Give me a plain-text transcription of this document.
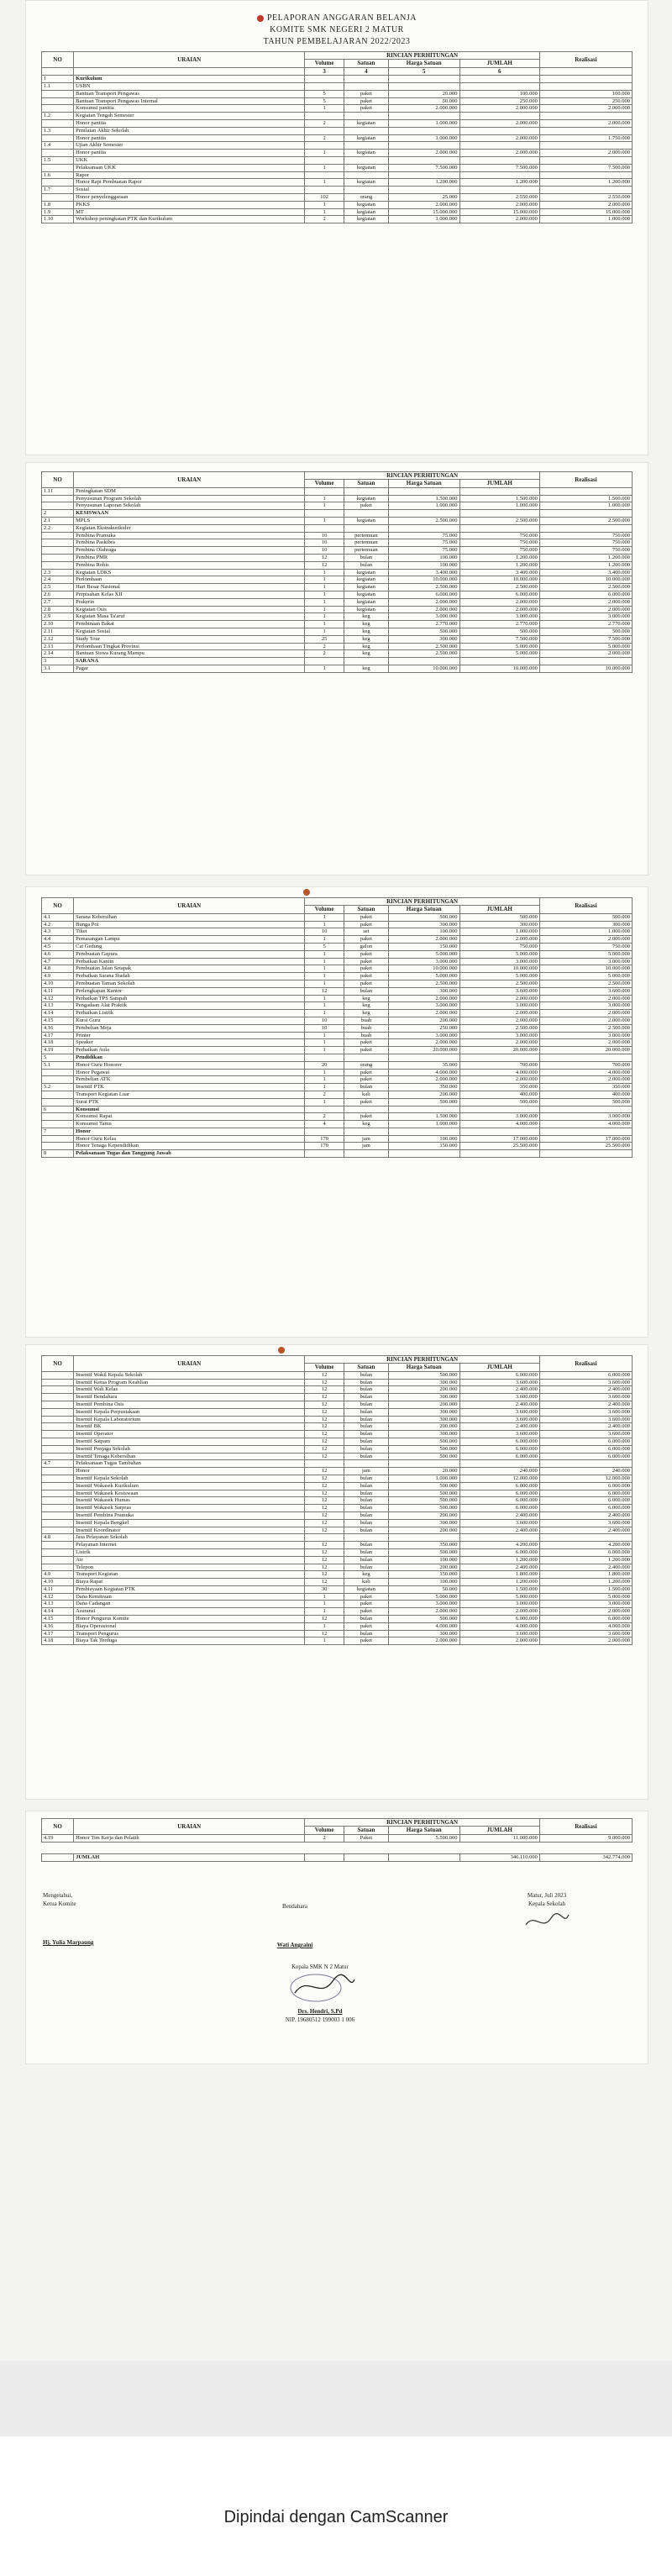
PELAPORAN ANGGARAN BELANJA
KOMITE SMK NEGERI 2 MATUR
TAHUN PEMBELAJARAN 2022/2023
NO	URAIAN	RINCIAN PERHITUNGAN				Realisasi
		Volume	Satuan	Harga Satuan	JUMLAH	
		3	4	5	6	
1	Kurikulum					
1.1	USBN					
	Bantuan Transport Pengawas	5	paket	20.000	100.000	100.000
	Bantuan Transport Pengawas Internal	5	paket	50.000	250.000	250.000
	Konsumsi panitia	1	paket	2.000.000	2.000.000	2.000.000
1.2	Kegiatan Tengah Semester					
	Honor panitia	2	kegiatan	1.000.000	2.000.000	2.000.000
1.3	Penilaian Akhir Sekolah					
	Honor panitia	2	kegiatan	1.000.000	2.000.000	1.750.000
1.4	Ujian Akhir Semester					
	Honor panitia	1	kegiatan	2.000.000	2.000.000	2.000.000
1.5	UKK					
	Pelaksanaan UKK	1	kegiatan	7.500.000	7.500.000	7.500.000
1.6	Rapor					
	Honor Rapi Pembuatan Rapor	1	kegiatan	1.200.000	1.200.000	1.200.000
1.7	Sosial					
	Honor penyelenggaraan	102	orang	25.000	2.550.000	2.550.000
1.8	PKKS	1	kegiatan	2.000.000	2.000.000	2.000.000
1.9	MT	1	kegiatan	15.000.000	15.000.000	15.000.000
1.10	Workshop peningkatan PTK dan Kurikulum	2	kegiatan	1.000.000	2.000.000	1.000.000
NO	URAIAN	RINCIAN PERHITUNGAN				Realisasi
		Volume	Satuan	Harga Satuan	JUMLAH	
1.11	Peningkatan SDM					
	Penyusunan Program Sekolah	1	kegiatan	1.500.000	1.500.000	1.500.000
	Penyusunan Laporan Sekolah	1	paket	1.000.000	1.000.000	1.000.000
2	KESISWAAN					
2.1	MPLS	1	kegiatan	2.500.000	2.500.000	2.500.000
2.2	Kegiatan Ekstrakurikuler					
	Pembina Pramuka	10	pertemuan	75.000	750.000	750.000
	Pembina Paskibra	10	pertemuan	75.000	750.000	750.000
	Pembina Olahraga	10	pertemuan	75.000	750.000	750.000
	Pembina PMR	12	bulan	100.000	1.200.000	1.200.000
	Pembina Rohis	12	bulan	100.000	1.200.000	1.200.000
2.3	Kegiatan LDKS	1	kegiatan	3.400.000	3.400.000	3.400.000
2.4	Perlombaan	1	kegiatan	10.000.000	10.000.000	10.000.000
2.5	Hari Besar Nasional	1	kegiatan	2.500.000	2.500.000	2.500.000
2.6	Perpisahan Kelas XII	1	kegiatan	6.000.000	6.000.000	6.000.000
2.7	Prakerin	1	kegiatan	2.000.000	2.000.000	2.000.000
2.8	Kegiatan Osis	1	kegiatan	2.000.000	2.000.000	2.000.000
2.9	Kegiatan Masa Ta'aruf	1	keg	3.000.000	3.000.000	3.000.000
2.10	Pembinaan Bakat	1	keg	2.770.000	2.770.000	2.770.000
2.11	Kegiatan Sosial	1	keg	500.000	500.000	500.000
2.12	Study Tour	25	keg	300.000	7.500.000	7.500.000
2.13	Perlombaan Tingkat Provinsi	2	keg	2.500.000	5.000.000	5.000.000
2.14	Bantuan Siswa Kurang Mampu	2	keg	2.500.000	5.000.000	2.000.000
3	SARANA					
3.1	Pagar	1	keg	10.000.000	10.000.000	10.000.000
NO	URAIAN	RINCIAN PERHITUNGAN				Realisasi
		Volume	Satuan	Harga Satuan	JUMLAH	
4.1	Sarana Kebersihan	1	paket	500.000	500.000	500.000
4.2	Bunga Pot	1	paket	300.000	300.000	300.000
4.3	Tiket	10	set	100.000	1.000.000	1.000.000
4.4	Pemasangan Lampu	1	paket	2.000.000	2.000.000	2.000.000
4.5	Cat Gedung	5	galon	150.000	750.000	750.000
4.6	Pembuatan Gapura	1	paket	5.000.000	5.000.000	5.000.000
4.7	Perbaikan Kantin	1	paket	3.000.000	3.000.000	3.000.000
4.8	Pembuatan Jalan Setapak	1	paket	10.000.000	10.000.000	10.000.000
4.9	Perbaikan Sarana Ibadah	1	paket	5.000.000	5.000.000	5.000.000
4.10	Pembuatan Taman Sekolah	1	paket	2.500.000	2.500.000	2.500.000
4.11	Perlengkapan Kantor	12	bulan	300.000	3.600.000	3.600.000
4.12	Perbaikan TPS Sampah	1	keg	2.000.000	2.000.000	2.000.000
4.13	Pengadaan Alat Praktik	1	keg	3.000.000	3.000.000	3.000.000
4.14	Perbaikan Listrik	1	keg	2.000.000	2.000.000	2.000.000
4.15	Kursi Guru	10	buah	200.000	2.000.000	2.000.000
4.16	Pembelian Meja	10	buah	250.000	2.500.000	2.500.000
4.17	Printer	1	buah	3.000.000	3.000.000	3.000.000
4.18	Speaker	1	paket	2.000.000	2.000.000	2.000.000
4.19	Perbaikan Aula	1	paket	20.000.000	20.000.000	20.000.000
5	Pendidikan					
5.1	Honor Guru Honorer	20	orang	35.000	700.000	700.000
	Honor Pegawai	1	paket	4.000.000	4.000.000	4.000.000
	Pembelian ATK	1	paket	2.000.000	2.000.000	2.000.000
5.2	Insentif PTK	1	bulan	350.000	350.000	350.000
	Transport Kegiatan Luar	2	kali	200.000	400.000	400.000
	Surat PTK	1	paket	500.000	500.000	500.000
6	Konsumsi					
	Konsumsi Rapat	2	paket	1.500.000	3.000.000	3.000.000
	Konsumsi Tamu	4	keg	1.000.000	4.000.000	4.000.000
7	Honor					
	Honor Guru Kelas	170	jam	100.000	17.000.000	17.000.000
	Honor Tenaga Kependidikan	170	jam	150.000	25.500.000	25.500.000
8	Pelaksanaan Tugas dan Tanggung Jawab					
NO	URAIAN	RINCIAN PERHITUNGAN				Realisasi
		Volume	Satuan	Harga Satuan	JUMLAH	
	Insentif Wakil Kepala Sekolah	12	bulan	500.000	6.000.000	6.000.000
	Insentif Ketua Program Keahlian	12	bulan	300.000	3.600.000	3.600.000
	Insentif Wali Kelas	12	bulan	200.000	2.400.000	2.400.000
	Insentif Bendahara	12	bulan	300.000	3.600.000	3.600.000
	Insentif Pembina Osis	12	bulan	200.000	2.400.000	2.400.000
	Insentif Kepala Perpustakaan	12	bulan	300.000	3.600.000	3.600.000
	Insentif Kepala Laboratorium	12	bulan	300.000	3.600.000	3.600.000
	Insentif BK	12	bulan	200.000	2.400.000	2.400.000
	Insentif Operator	12	bulan	300.000	3.600.000	3.600.000
	Insentif Satpam	12	bulan	500.000	6.000.000	6.000.000
	Insentif Penjaga Sekolah	12	bulan	500.000	6.000.000	6.000.000
	Insentif Tenaga Kebersihan	12	bulan	500.000	6.000.000	6.000.000
4.7	Pelaksanaan Tugas Tambahan					
	Honor	12	jam	20.000	240.000	240.000
	Insentif Kepala Sekolah	12	bulan	1.000.000	12.000.000	12.000.000
	Insentif Wakasek Kurikulum	12	bulan	500.000	6.000.000	6.000.000
	Insentif Wakasek Kesiswaan	12	bulan	500.000	6.000.000	6.000.000
	Insentif Wakasek Humas	12	bulan	500.000	6.000.000	6.000.000
	Insentif Wakasek Sarpras	12	bulan	500.000	6.000.000	6.000.000
	Insentif Pembina Pramuka	12	bulan	200.000	2.400.000	2.400.000
	Insentif Kepala Bengkel	12	bulan	300.000	3.600.000	3.600.000
	Insentif Koordinator	12	bulan	200.000	2.400.000	2.400.000
4.8	Jasa Pelayanan Sekolah					
	Pelayanan Internet	12	bulan	350.000	4.200.000	4.200.000
	Listrik	12	bulan	500.000	6.000.000	6.000.000
	Air	12	bulan	100.000	1.200.000	1.200.000
	Telepon	12	bulan	200.000	2.400.000	2.400.000
4.9	Transport Kegiatan	12	keg	150.000	1.800.000	1.800.000
4.10	Biaya Rapat	12	kali	100.000	1.200.000	1.200.000
4.11	Pembiayaan Kegiatan PTK	30	kegiatan	50.000	1.500.000	1.500.000
4.12	Dana Kemitraan	1	paket	5.000.000	5.000.000	5.000.000
4.13	Dana Cadangan	1	paket	3.000.000	3.000.000	3.000.000
4.14	Asuransi	1	paket	2.000.000	2.000.000	2.000.000
4.15	Honor Pengurus Komite	12	bulan	500.000	6.000.000	6.000.000
4.16	Biaya Operasional	1	paket	4.000.000	4.000.000	4.000.000
4.17	Transport Pengurus	12	bulan	300.000	3.600.000	3.600.000
4.18	Biaya Tak Terduga	1	paket	2.000.000	2.000.000	2.000.000
NO	URAIAN	RINCIAN PERHITUNGAN				Realisasi
		Volume	Satuan	Harga Satuan	JUMLAH	
4.19	Honor Tim Kerja dan Pelatih	2	Paket	5.500.000	11.000.000	9.000.000
	JUMLAH				346.110.000	342.774.000
Mengetahui,
Ketua Komite
Hj. Yulia Marpaung
Bendahara
Wati Angraini
Matur, Juli 2023
Kepala Sekolah
Kepala SMK N 2 Matur
Drs. Hendri, S.Pd
NIP. 19680512 199003 1 006
Dipindai dengan CamScanner
